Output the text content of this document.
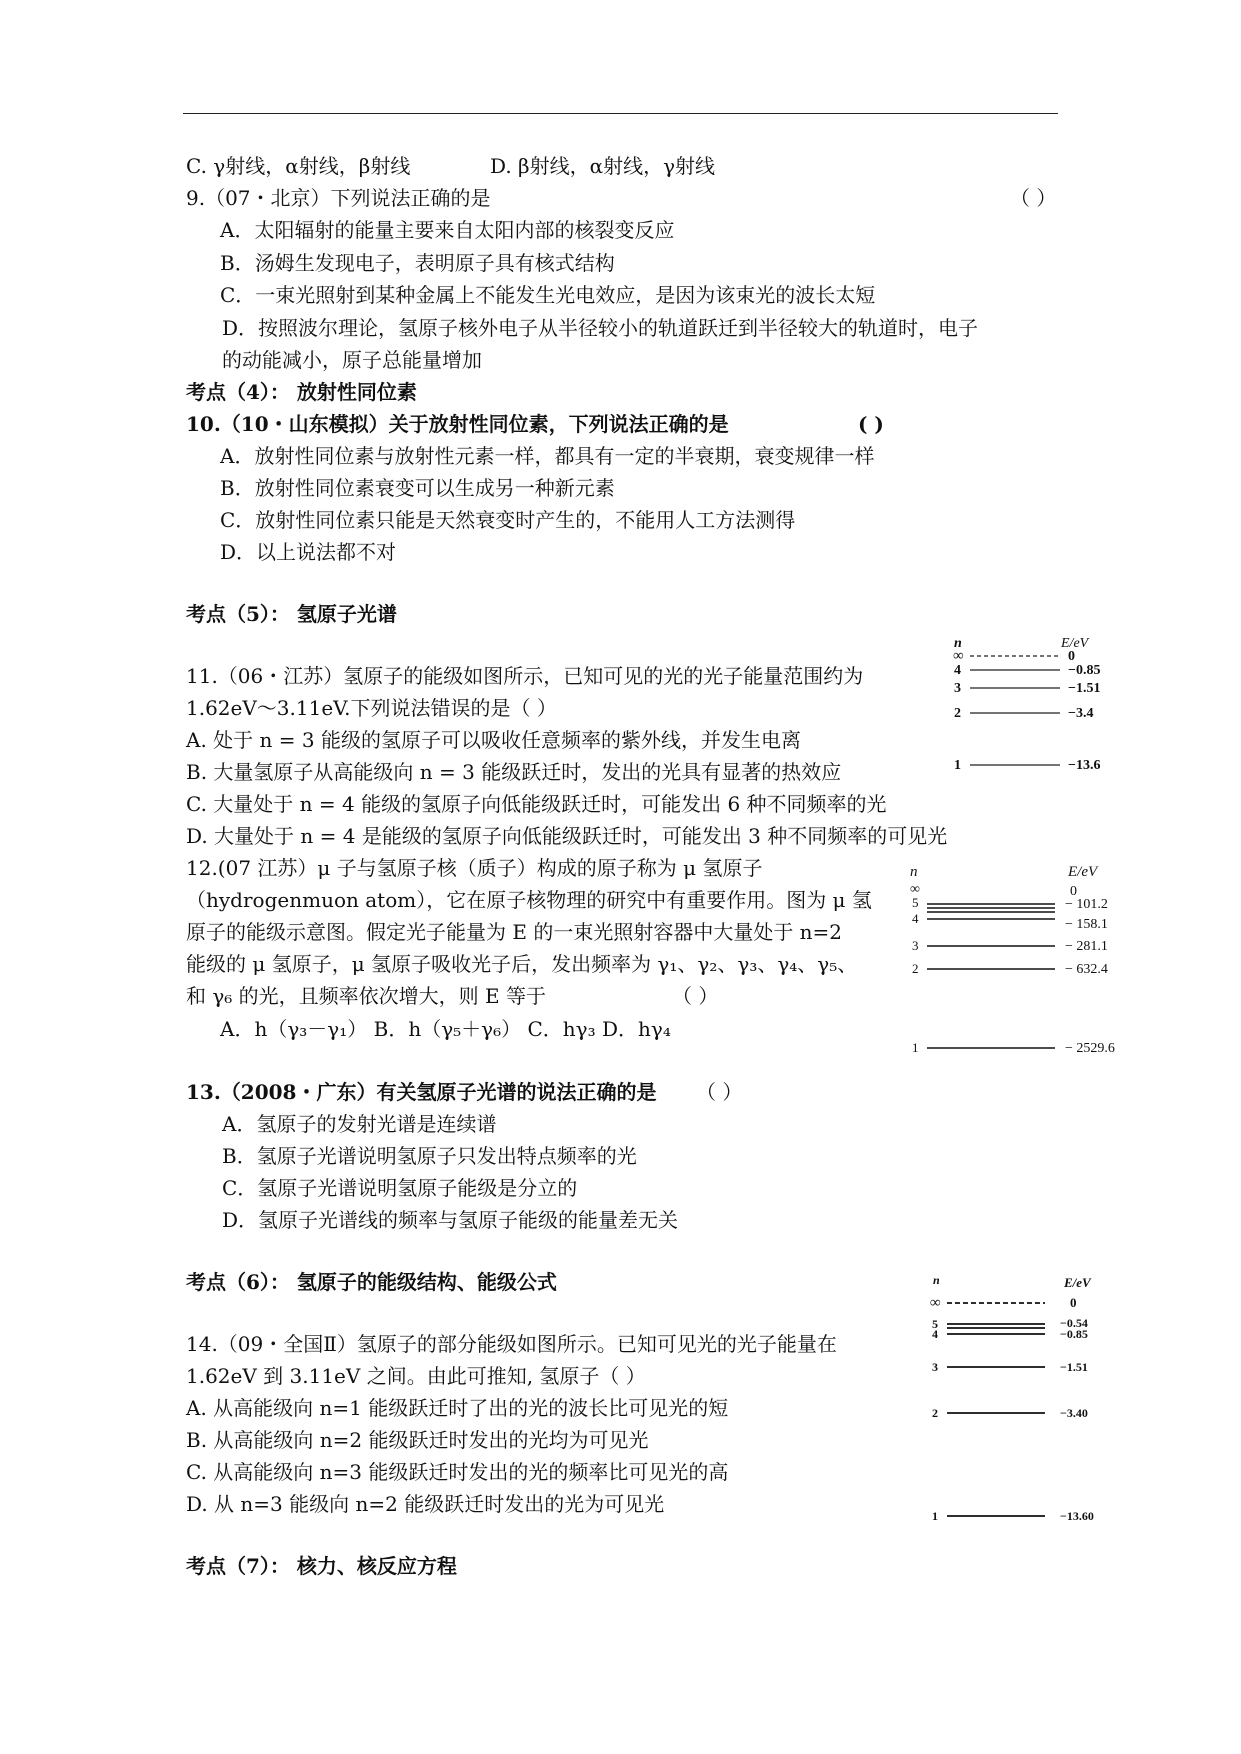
C. γ射线，α射线，β射线	D. β射线，α射线，γ射线
9.（07・北京）下列说法正确的是	（ ）
A．太阳辐射的能量主要来自太阳内部的核裂变反应
B．汤姆生发现电子，表明原子具有核式结构
C．一束光照射到某种金属上不能发生光电效应，是因为该束光的波长太短
D．按照波尔理论，氢原子核外电子从半径较小的轨道跃迁到半径较大的轨道时，电子
的动能减小，原子总能量增加
考点（4）： 放射性同位素
10.（10・山东模拟）关于放射性同位素，下列说法正确的是	( )
A．放射性同位素与放射性元素一样，都具有一定的半衰期，衰变规律一样
B．放射性同位素衰变可以生成另一种新元素
C．放射性同位素只能是天然衰变时产生的，不能用人工方法测得
D．以上说法都不对
考点（5）： 氢原子光谱
11.（06・江苏）氢原子的能级如图所示，已知可见的光的光子能量范围约为
1.62eV～3.11eV.下列说法错误的是（ ）
A. 处于 n = 3 能级的氢原子可以吸收任意频率的紫外线，并发生电离
B. 大量氢原子从高能级向 n = 3 能级跃迁时，发出的光具有显著的热效应
C. 大量处于 n = 4 能级的氢原子向低能级跃迁时，可能发出 6 种不同频率的光
D. 大量处于 n = 4 是能级的氢原子向低能级跃迁时，可能发出 3 种不同频率的可见光
n	E/eV
∞	0
4	−0.85
3	−1.51
2	−3.4
1	−13.6
12.(07 江苏）μ 子与氢原子核（质子）构成的原子称为 μ 氢原子
（hydrogenmuon atom），它在原子核物理的研究中有重要作用。图为 μ 氢
原子的能级示意图。假定光子能量为 E 的一束光照射容器中大量处于 n=2
能级的 μ 氢原子，μ 氢原子吸收光子后，发出频率为 γ₁、γ₂、γ₃、γ₄、γ₅、
和 γ₆ 的光，且频率依次增大，则 E 等于	（ ）
A．h（γ₃－γ₁） B．h（γ₅＋γ₆） C．hγ₃ D．hγ₄
n	E/eV
∞	0
5	− 101.2
4	− 158.1
3	− 281.1
2	− 632.4
1	− 2529.6
13.（2008・广东）有关氢原子光谱的说法正确的是 （ ）
A．氢原子的发射光谱是连续谱
B．氢原子光谱说明氢原子只发出特点频率的光
C．氢原子光谱说明氢原子能级是分立的
D．氢原子光谱线的频率与氢原子能级的能量差无关
考点（6）： 氢原子的能级结构、能级公式
14.（09・全国Ⅱ）氢原子的部分能级如图所示。已知可见光的光子能量在
1.62eV 到 3.11eV 之间。由此可推知, 氢原子（ ）
A. 从高能级向 n=1 能级跃迁时了出的光的波长比可见光的短
B. 从高能级向 n=2 能级跃迁时发出的光均为可见光
C. 从高能级向 n=3 能级跃迁时发出的光的频率比可见光的高
D. 从 n=3 能级向 n=2 能级跃迁时发出的光为可见光
n	E/eV
∞	0
5	−0.54
4	−0.85
3	−1.51
2	−3.40
1	−13.60
考点（7）： 核力、核反应方程
